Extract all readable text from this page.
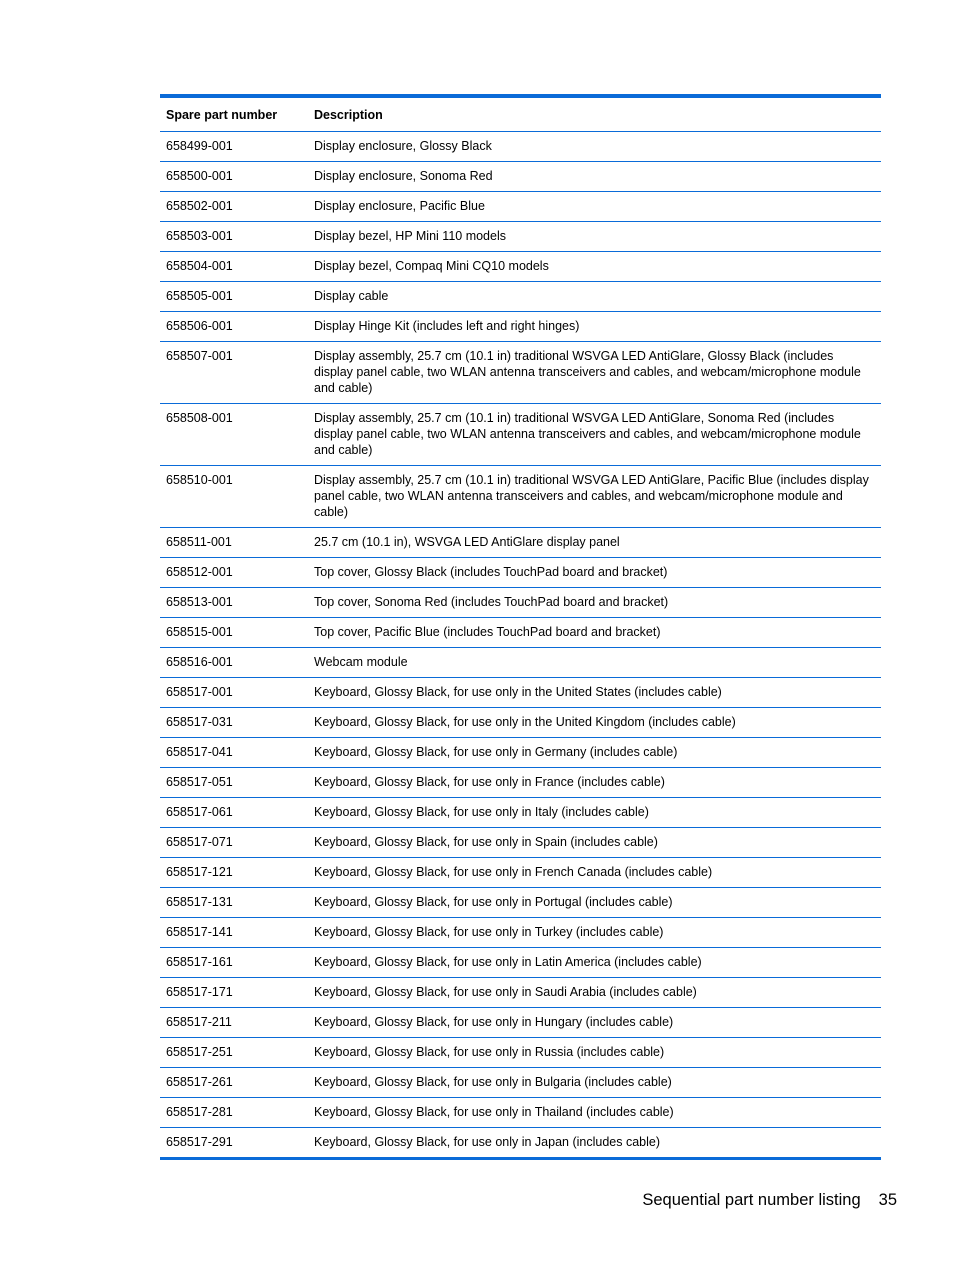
Spare part number	Description
658499-001	Display enclosure, Glossy Black
658500-001	Display enclosure, Sonoma Red
658502-001	Display enclosure, Pacific Blue
658503-001	Display bezel, HP Mini 110 models
658504-001	Display bezel, Compaq Mini CQ10 models
658505-001	Display cable
658506-001	Display Hinge Kit (includes left and right hinges)
658507-001	Display assembly, 25.7 cm (10.1 in) traditional WSVGA LED AntiGlare, Glossy Black (includes display panel cable, two WLAN antenna transceivers and cables, and webcam/microphone module and cable)
658508-001	Display assembly, 25.7 cm (10.1 in) traditional WSVGA LED AntiGlare, Sonoma Red (includes display panel cable, two WLAN antenna transceivers and cables, and webcam/microphone module and cable)
658510-001	Display assembly, 25.7 cm (10.1 in) traditional WSVGA LED AntiGlare, Pacific Blue (includes display panel cable, two WLAN antenna transceivers and cables, and webcam/microphone module and cable)
658511-001	25.7 cm (10.1 in), WSVGA LED AntiGlare display panel
658512-001	Top cover, Glossy Black (includes TouchPad board and bracket)
658513-001	Top cover, Sonoma Red (includes TouchPad board and bracket)
658515-001	Top cover, Pacific Blue (includes TouchPad board and bracket)
658516-001	Webcam module
658517-001	Keyboard, Glossy Black, for use only in the United States (includes cable)
658517-031	Keyboard, Glossy Black, for use only in the United Kingdom (includes cable)
658517-041	Keyboard, Glossy Black, for use only in Germany (includes cable)
658517-051	Keyboard, Glossy Black, for use only in France (includes cable)
658517-061	Keyboard, Glossy Black, for use only in Italy (includes cable)
658517-071	Keyboard, Glossy Black, for use only in Spain (includes cable)
658517-121	Keyboard, Glossy Black, for use only in French Canada (includes cable)
658517-131	Keyboard, Glossy Black, for use only in Portugal (includes cable)
658517-141	Keyboard, Glossy Black, for use only in Turkey (includes cable)
658517-161	Keyboard, Glossy Black, for use only in Latin America (includes cable)
658517-171	Keyboard, Glossy Black, for use only in Saudi Arabia (includes cable)
658517-211	Keyboard, Glossy Black, for use only in Hungary (includes cable)
658517-251	Keyboard, Glossy Black, for use only in Russia (includes cable)
658517-261	Keyboard, Glossy Black, for use only in Bulgaria (includes cable)
658517-281	Keyboard, Glossy Black, for use only in Thailand (includes cable)
658517-291	Keyboard, Glossy Black, for use only in Japan (includes cable)
Sequential part number listing 35
